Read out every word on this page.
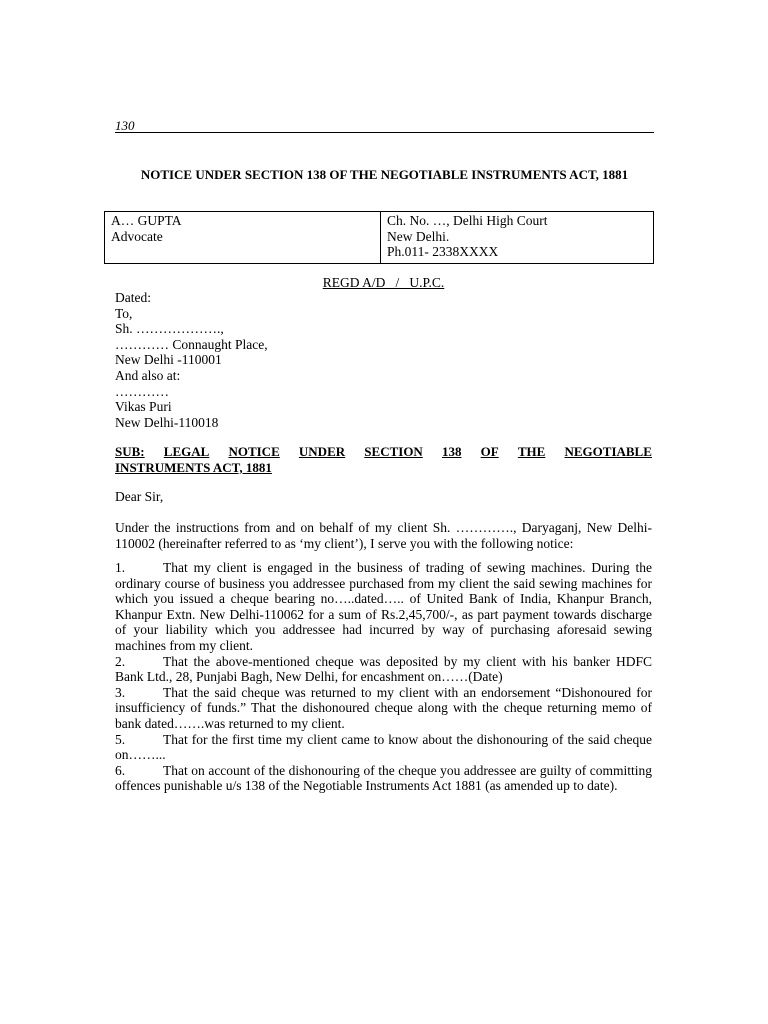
130
NOTICE UNDER SECTION 138 OF THE NEGOTIABLE INSTRUMENTS ACT, 1881
A… GUPTA
Advocate

Ch. No. …, Delhi High Court
New Delhi.
Ph.011- 2338XXXX
REGD A/D   /   U.P.C.
Dated:
To,
Sh. ……………….,
………… Connaught Place,
New Delhi -110001
And also at:
…………
Vikas Puri
New Delhi-110018
SUB: LEGAL NOTICE UNDER SECTION 138 OF THE NEGOTIABLE
INSTRUMENTS ACT, 1881
Dear Sir,
Under the instructions from and on behalf of my client Sh. …………., Daryaganj, New Delhi-110002 (hereinafter referred to as ‘my client’), I serve you with the following notice:
1.	That my client is engaged in the business of trading of sewing machines. During the ordinary course of business you addressee purchased from my client the said sewing machines for which you issued a cheque bearing no…..dated….. of United Bank of India, Khanpur Branch, Khanpur Extn. New Delhi-110062 for a sum of Rs.2,45,700/-, as part payment towards discharge of your liability which you addressee had incurred by way of purchasing aforesaid sewing machines from my client.
2.	That the above-mentioned cheque was deposited by my client with his banker HDFC Bank Ltd., 28, Punjabi Bagh, New Delhi, for encashment on……(Date)
3.	That the said cheque was returned to my client with an endorsement “Dishonoured for insufficiency of funds.” That the dishonoured cheque along with the cheque returning memo of bank dated…….was returned to my client.
5.	That for the first time my client came to know about the dishonouring of the said cheque on……...
6.	That on account of the dishonouring of the cheque you addressee are guilty of committing offences punishable u/s 138 of the Negotiable Instruments Act 1881 (as amended up to date).
